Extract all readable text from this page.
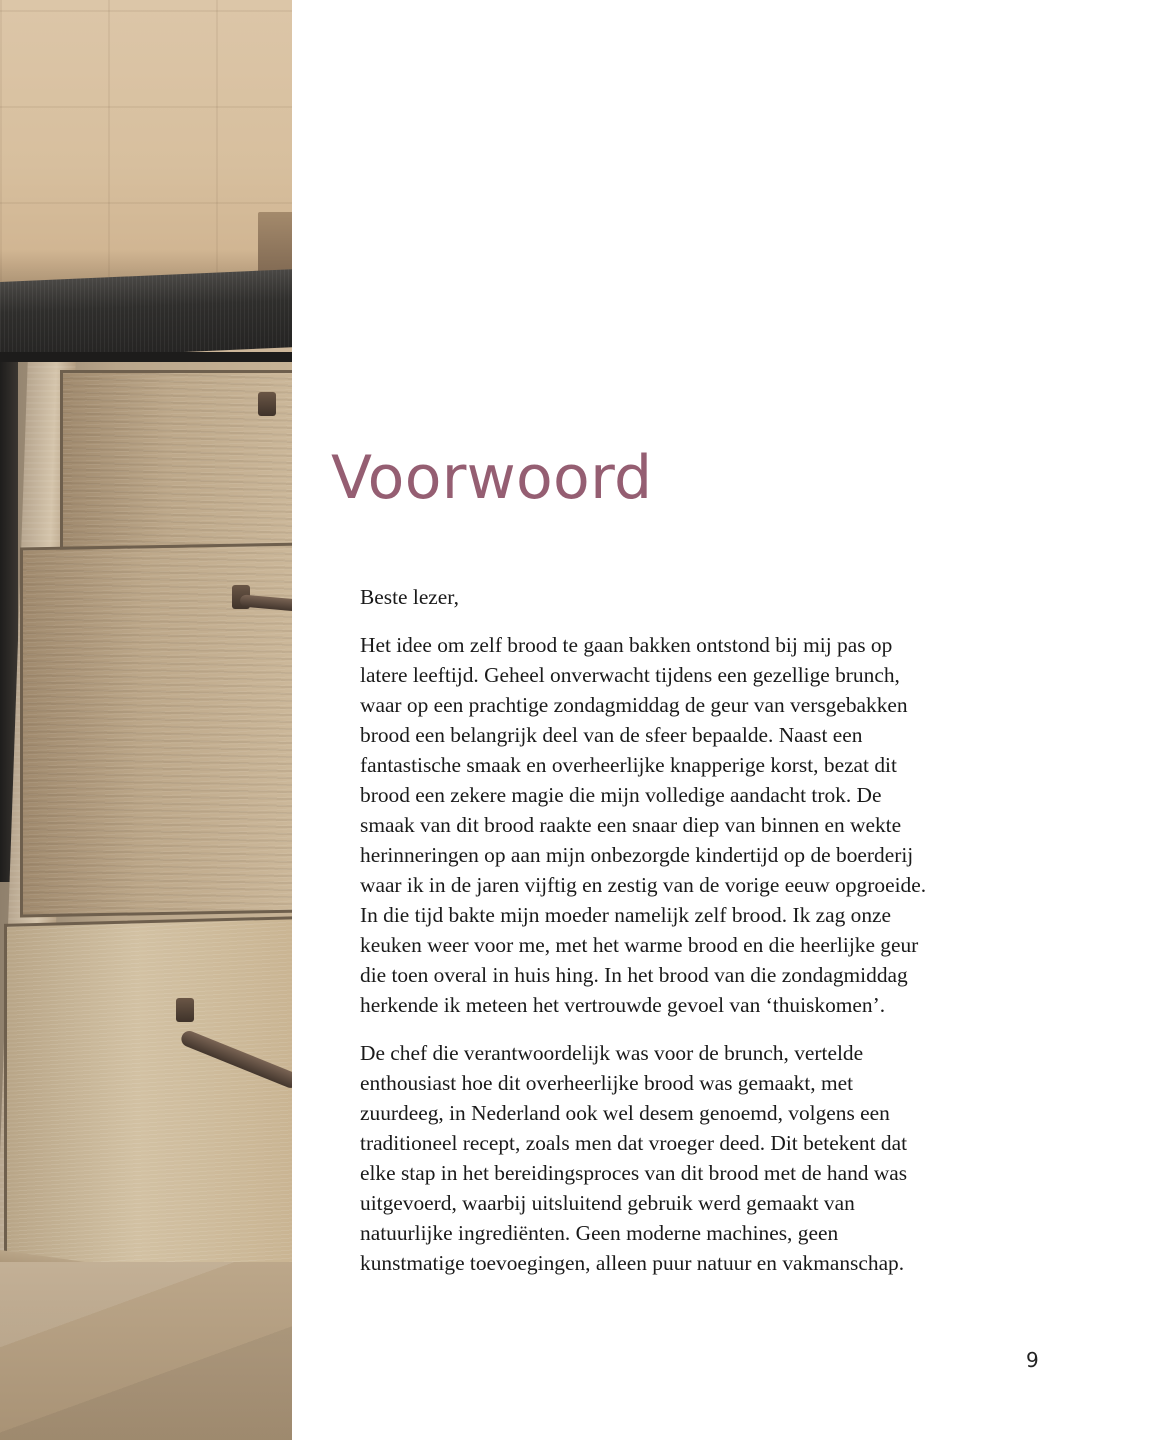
Voorwoord

Beste lezer,

Het idee om zelf brood te gaan bakken ontstond bij mij pas op
latere leeftijd. Geheel onverwacht tijdens een gezellige brunch,
waar op een prachtige zondagmiddag de geur van versgebakken
brood een belangrijk deel van de sfeer bepaalde. Naast een
fantastische smaak en overheerlijke knapperige korst, bezat dit
brood een zekere magie die mijn volledige aandacht trok. De
smaak van dit brood raakte een snaar diep van binnen en wekte
herinneringen op aan mijn onbezorgde kindertijd op de boerderij
waar ik in de jaren vijftig en zestig van de vorige eeuw opgroeide.
In die tijd bakte mijn moeder namelijk zelf brood. Ik zag onze
keuken weer voor me, met het warme brood en die heerlijke geur
die toen overal in huis hing. In het brood van die zondagmiddag
herkende ik meteen het vertrouwde gevoel van ‘thuiskomen’.

De chef die verantwoordelijk was voor de brunch, vertelde
enthousiast hoe dit overheerlijke brood was gemaakt, met
zuurdeeg, in Nederland ook wel desem genoemd, volgens een
traditioneel recept, zoals men dat vroeger deed. Dit betekent dat
elke stap in het bereidingsproces van dit brood met de hand was
uitgevoerd, waarbij uitsluitend gebruik werd gemaakt van
natuurlijke ingrediënten. Geen moderne machines, geen
kunstmatige toevoegingen, alleen puur natuur en vakmanschap.

9
